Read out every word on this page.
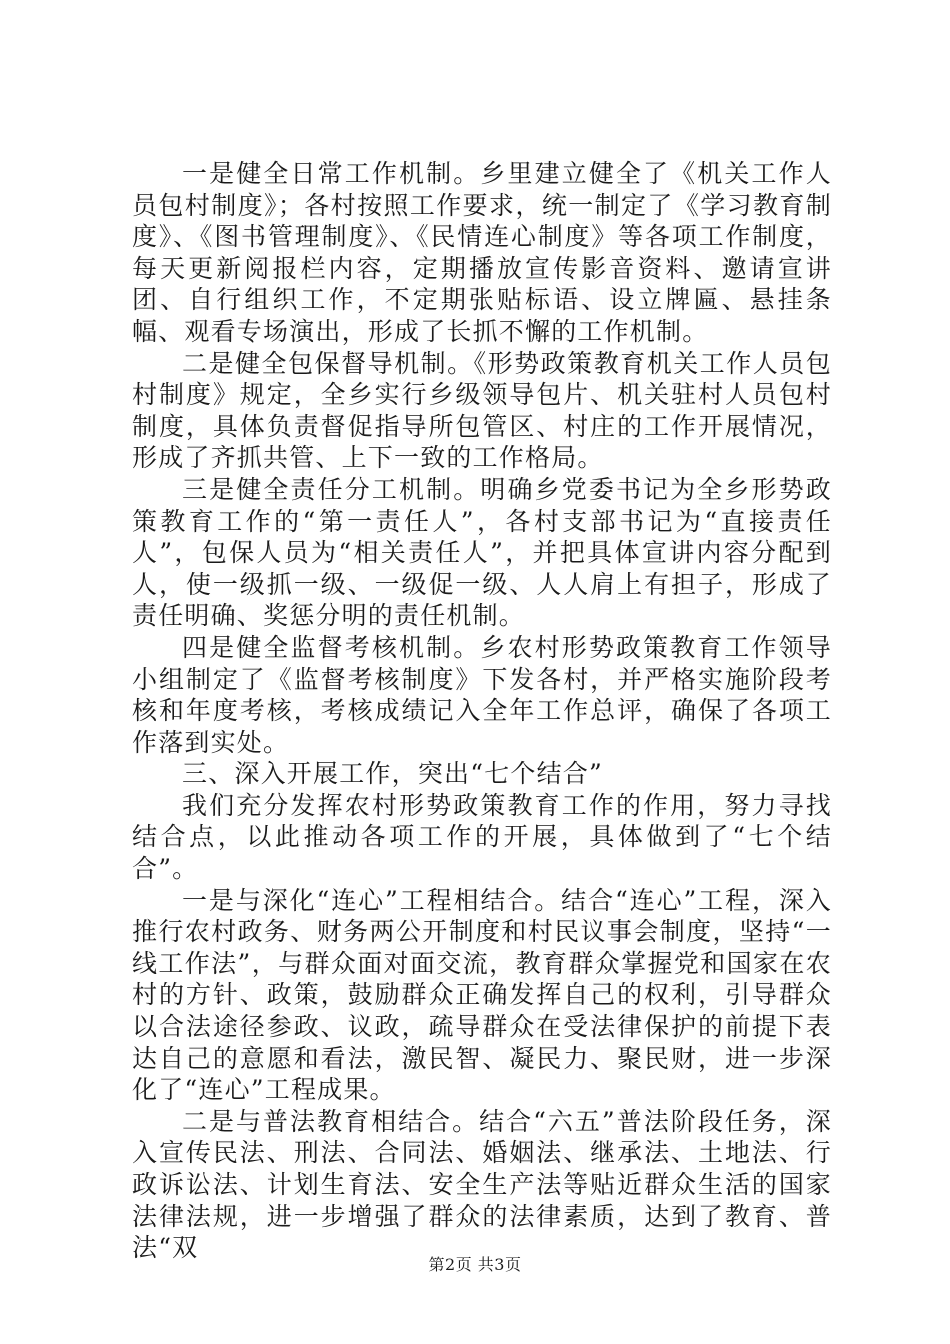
一是健全日常工作机制。乡里建立健全了《机关工作人员包村制度》；各村按照工作要求，统一制定了《学习教育制度》、《图书管理制度》、《民情连心制度》等各项工作制度，每天更新阅报栏内容，定期播放宣传影音资料、邀请宣讲团、自行组织工作，不定期张贴标语、设立牌匾、悬挂条幅、观看专场演出，形成了长抓不懈的工作机制。

二是健全包保督导机制。《形势政策教育机关工作人员包村制度》规定，全乡实行乡级领导包片、机关驻村人员包村制度，具体负责督促指导所包管区、村庄的工作开展情况，形成了齐抓共管、上下一致的工作格局。

三是健全责任分工机制。明确乡党委书记为全乡形势政策教育工作的“第一责任人”，各村支部书记为“直接责任人”，包保人员为“相关责任人”，并把具体宣讲内容分配到人，使一级抓一级、一级促一级、人人肩上有担子，形成了责任明确、奖惩分明的责任机制。

四是健全监督考核机制。乡农村形势政策教育工作领导小组制定了《监督考核制度》下发各村，并严格实施阶段考核和年度考核，考核成绩记入全年工作总评，确保了各项工作落到实处。

三、深入开展工作，突出“七个结合”

我们充分发挥农村形势政策教育工作的作用，努力寻找结合点，以此推动各项工作的开展，具体做到了“七个结合”。

一是与深化“连心”工程相结合。结合“连心”工程，深入推行农村政务、财务两公开制度和村民议事会制度，坚持“一线工作法”，与群众面对面交流，教育群众掌握党和国家在农村的方针、政策，鼓励群众正确发挥自己的权利，引导群众以合法途径参政、议政，疏导群众在受法律保护的前提下表达自己的意愿和看法，激民智、凝民力、聚民财，进一步深化了“连心”工程成果。

二是与普法教育相结合。结合“六五”普法阶段任务，深入宣传民法、刑法、合同法、婚姻法、继承法、土地法、行政诉讼法、计划生育法、安全生产法等贴近群众生活的国家法律法规，进一步增强了群众的法律素质，达到了教育、普法“双

第2页 共3页
